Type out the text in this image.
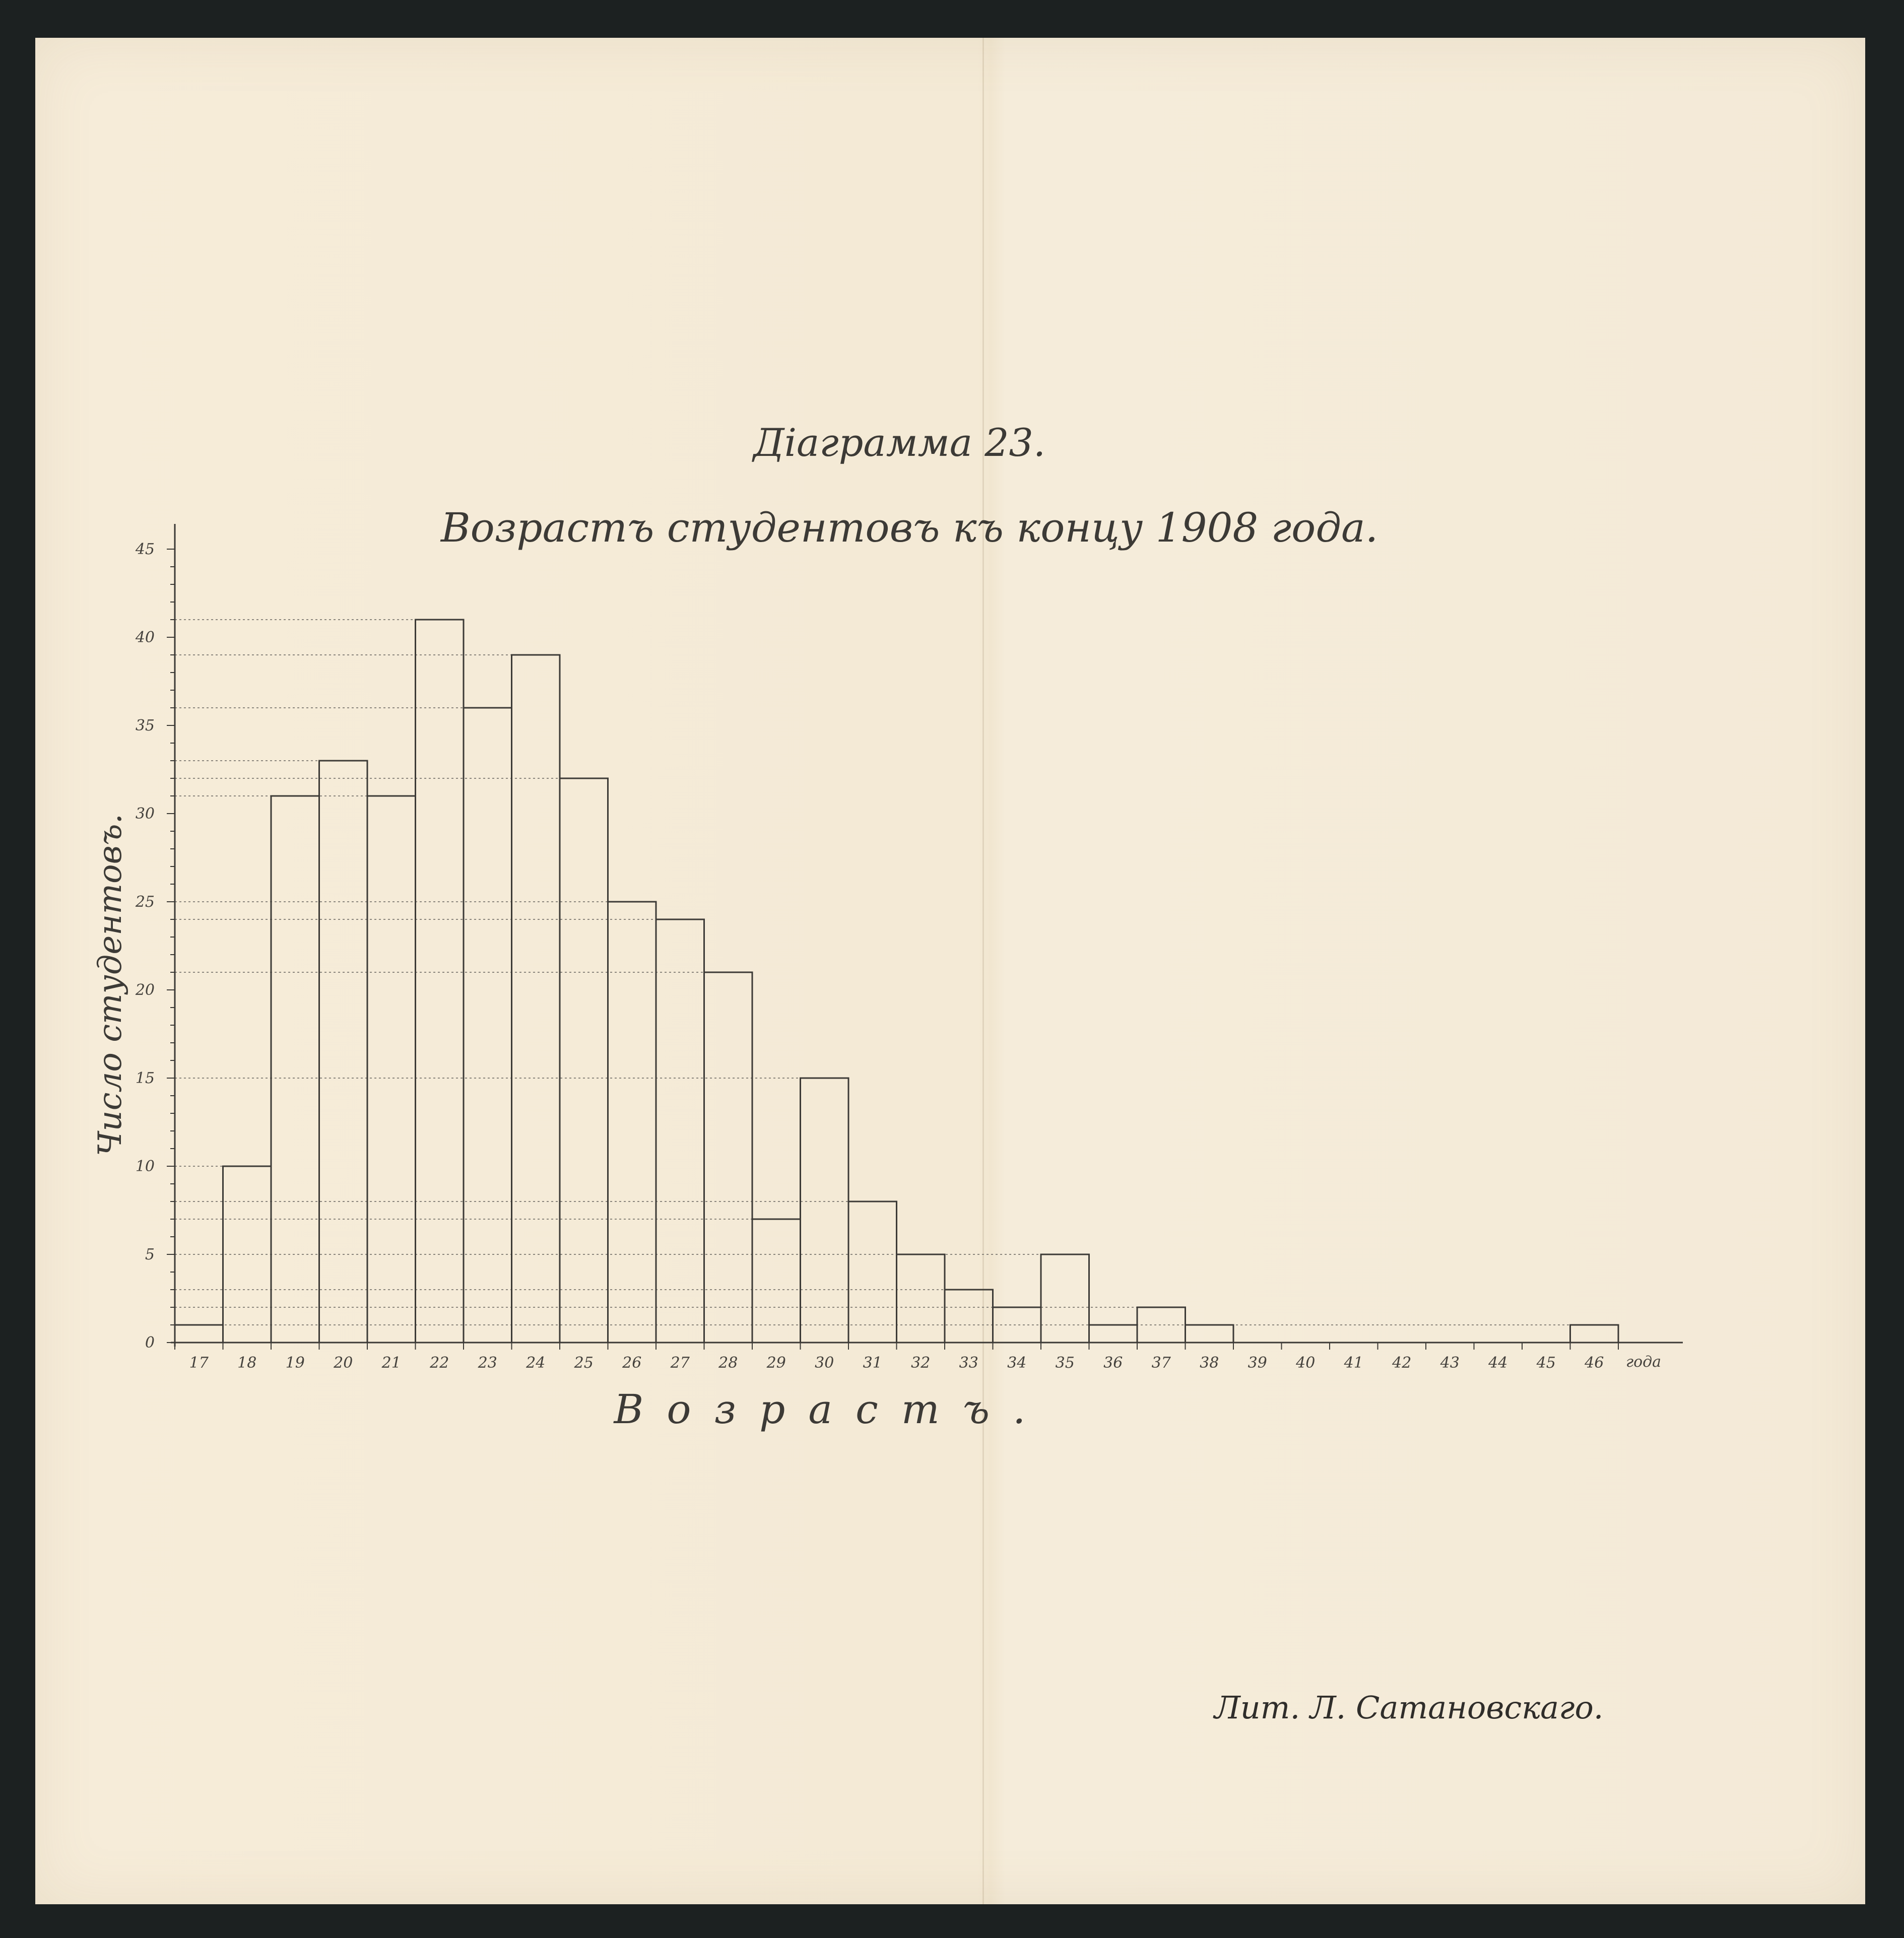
Діаграмма 23.
Возрастъ студентовъ къ концу 1908 года.
Число студентовъ.
Возрастъ.
0
5
10
15
20
25
30
35
40
45
17 18 19 20 21 22 23 24 25 26 27 28 29 30 31 32 33 34 35 36 37 38 39 40 41 42 43 44 45 46 года
Лит. Л. Сатановскаго.
